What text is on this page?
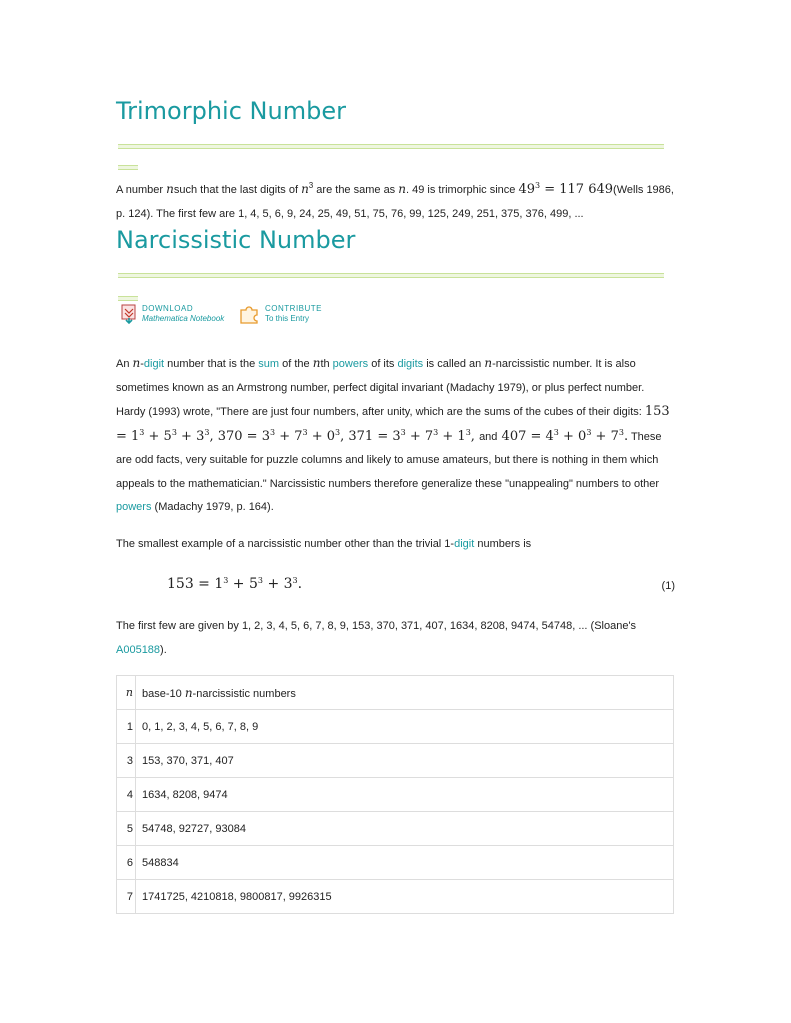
Trimorphic Number
A number nsuch that the last digits of $n^3$ are the same as n. 49 is trimorphic since $49^3 = 117$ 649(Wells 1986, p. 124). The first few are 1, 4, 5, 6, 9, 24, 25, 49, 51, 75, 76, 99, 125, 249, 251, 375, 376, 499, ...
Narcissistic Number
DOWNLOAD
Mathematica Notebook
CONTRIBUTE
To this Entry
An n-digit number that is the sum of the nth powers of its digits is called an n-narcissistic number. It is also sometimes known as an Armstrong number, perfect digital invariant (Madachy 1979), or plus perfect number. Hardy (1993) wrote, "There are just four numbers, after unity, which are the sums of the cubes of their digits: $153 = 1^3 + 5^3 + 3^3$, $370 = 3^3 + 7^3 + 0^3$, $371 = 3^3 + 7^3 + 1^3$, and $407 = 4^3 + 0^3 + 7^3$. These are odd facts, very suitable for puzzle columns and likely to amuse amateurs, but there is nothing in them which appeals to the mathematician." Narcissistic numbers therefore generalize these "unappealing" numbers to other powers (Madachy 1979, p. 164).
The smallest example of a narcissistic number other than the trivial 1-digit numbers is
$153 = 1^3 + 5^3 + 3^3$.	(1)
The first few are given by 1, 2, 3, 4, 5, 6, 7, 8, 9, 153, 370, 371, 407, 1634, 8208, 9474, 54748, ... (Sloane's A005188).
n	base-10 n-narcissistic numbers
1	0, 1, 2, 3, 4, 5, 6, 7, 8, 9
3	153, 370, 371, 407
4	1634, 8208, 9474
5	54748, 92727, 93084
6	548834
7	1741725, 4210818, 9800817, 9926315
